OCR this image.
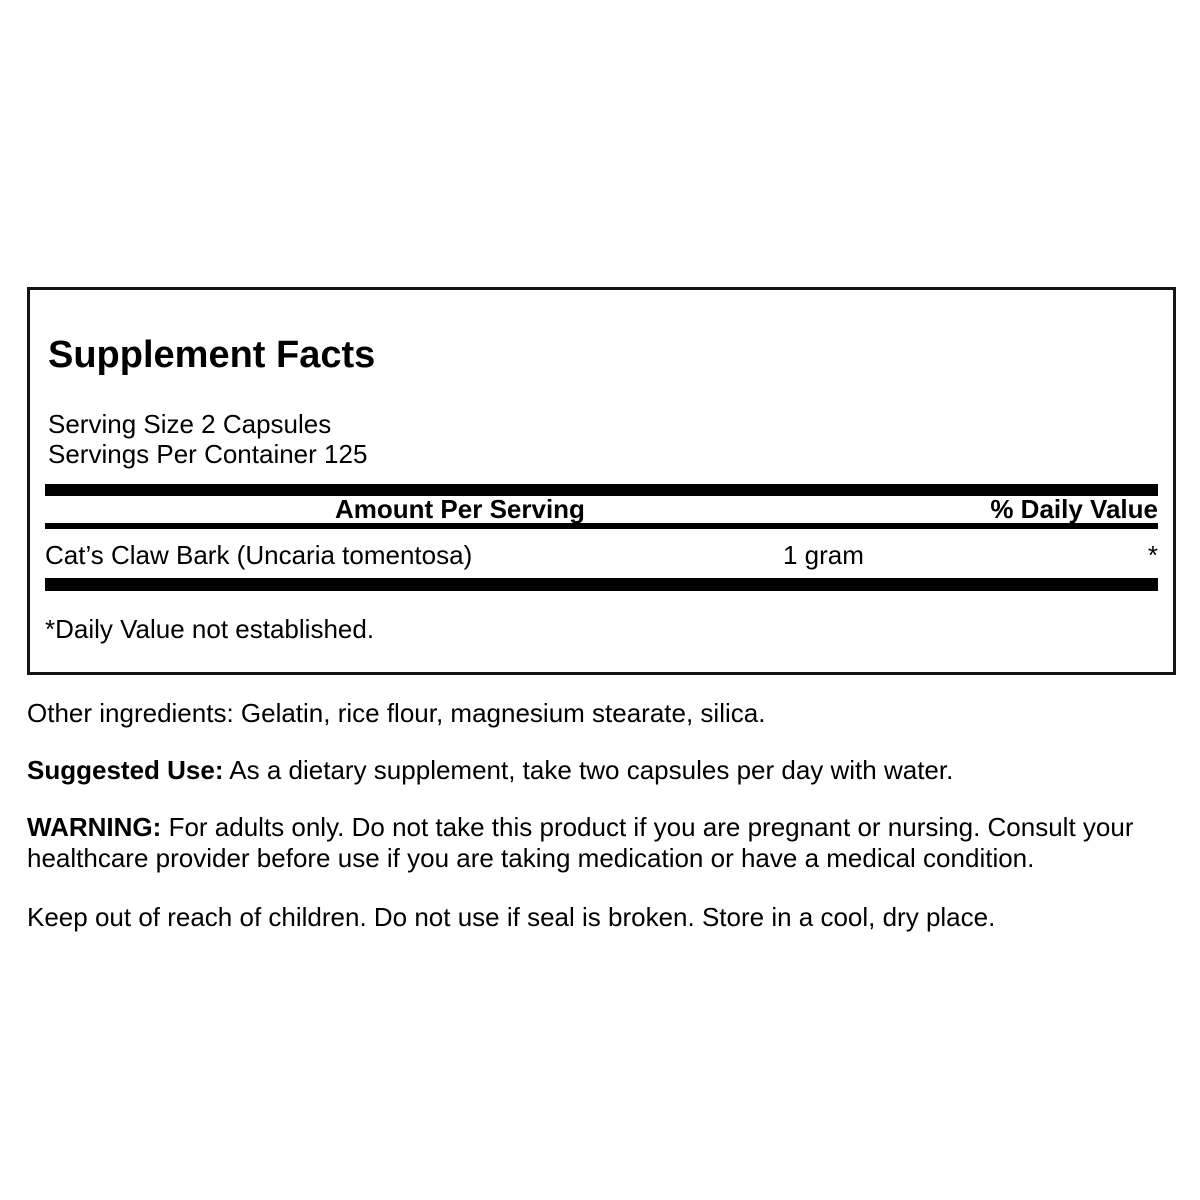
Supplement Facts
Serving Size 2 Capsules
Servings Per Container 125
Amount Per Serving	% Daily Value
Cat’s Claw Bark (Uncaria tomentosa)	1 gram	*
*Daily Value not established.

Other ingredients: Gelatin, rice flour, magnesium stearate, silica.

Suggested Use: As a dietary supplement, take two capsules per day with water.

WARNING: For adults only. Do not take this product if you are pregnant or nursing. Consult your healthcare provider before use if you are taking medication or have a medical condition.

Keep out of reach of children. Do not use if seal is broken. Store in a cool, dry place.
